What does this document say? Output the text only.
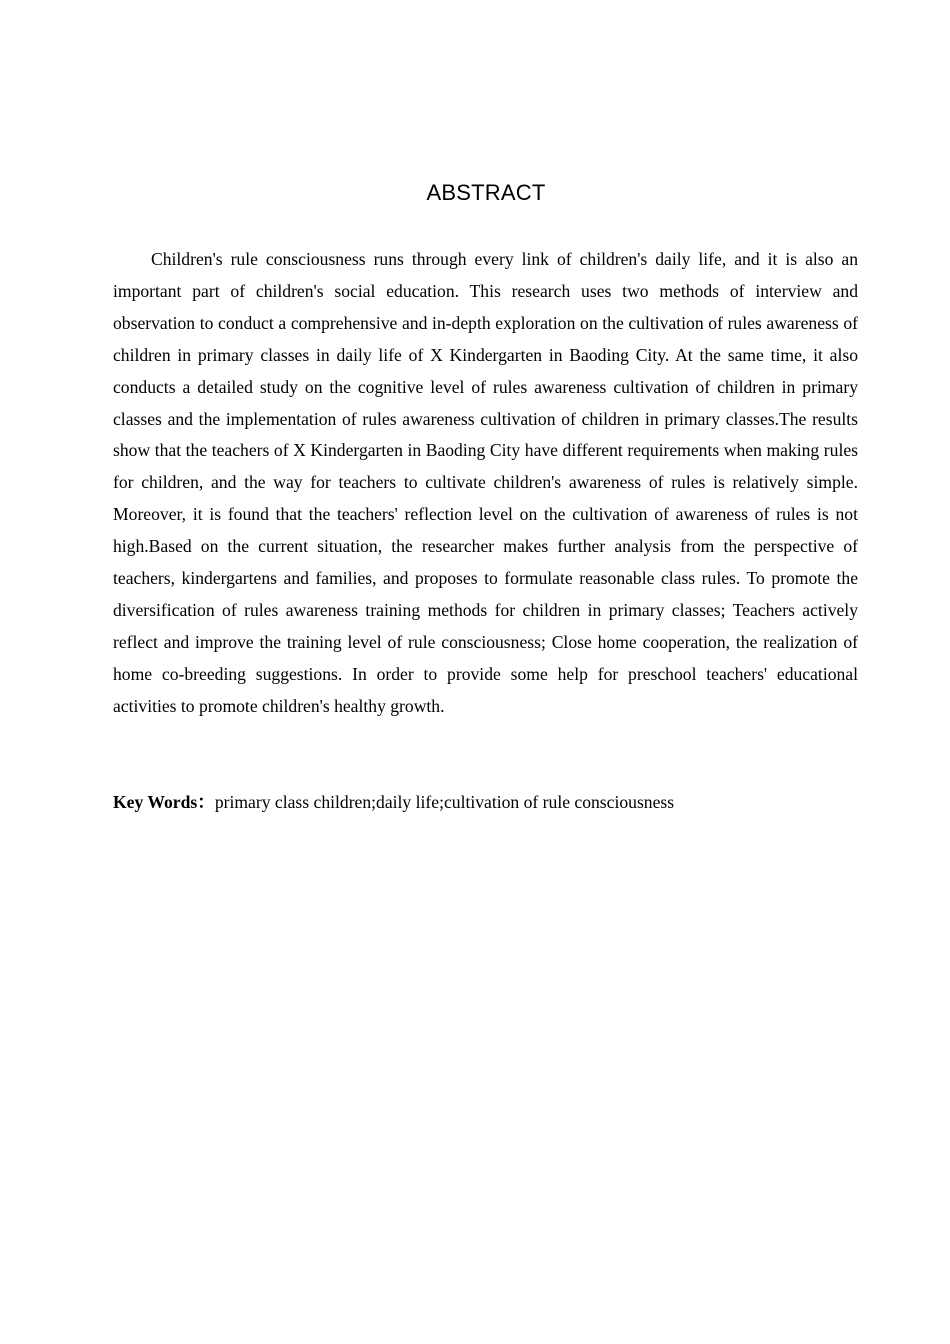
ABSTRACT

Children's rule consciousness runs through every link of children's daily life, and it is also an important part of children's social education. This research uses two methods of interview and observation to conduct a comprehensive and in-depth exploration on the cultivation of rules awareness of children in primary classes in daily life of X Kindergarten in Baoding City. At the same time, it also conducts a detailed study on the cognitive level of rules awareness cultivation of children in primary classes and the implementation of rules awareness cultivation of children in primary classes.The results show that the teachers of X Kindergarten in Baoding City have different requirements when making rules for children, and the way for teachers to cultivate children's awareness of rules is relatively simple. Moreover, it is found that the teachers' reflection level on the cultivation of awareness of rules is not high.Based on the current situation, the researcher makes further analysis from the perspective of teachers, kindergartens and families, and proposes to formulate reasonable class rules. To promote the diversification of rules awareness training methods for children in primary classes; Teachers actively reflect and improve the training level of rule consciousness; Close home cooperation, the realization of home co-breeding suggestions. In order to provide some help for preschool teachers' educational activities to promote children's healthy growth.

Key Words：primary class children;daily life;cultivation of rule consciousness
